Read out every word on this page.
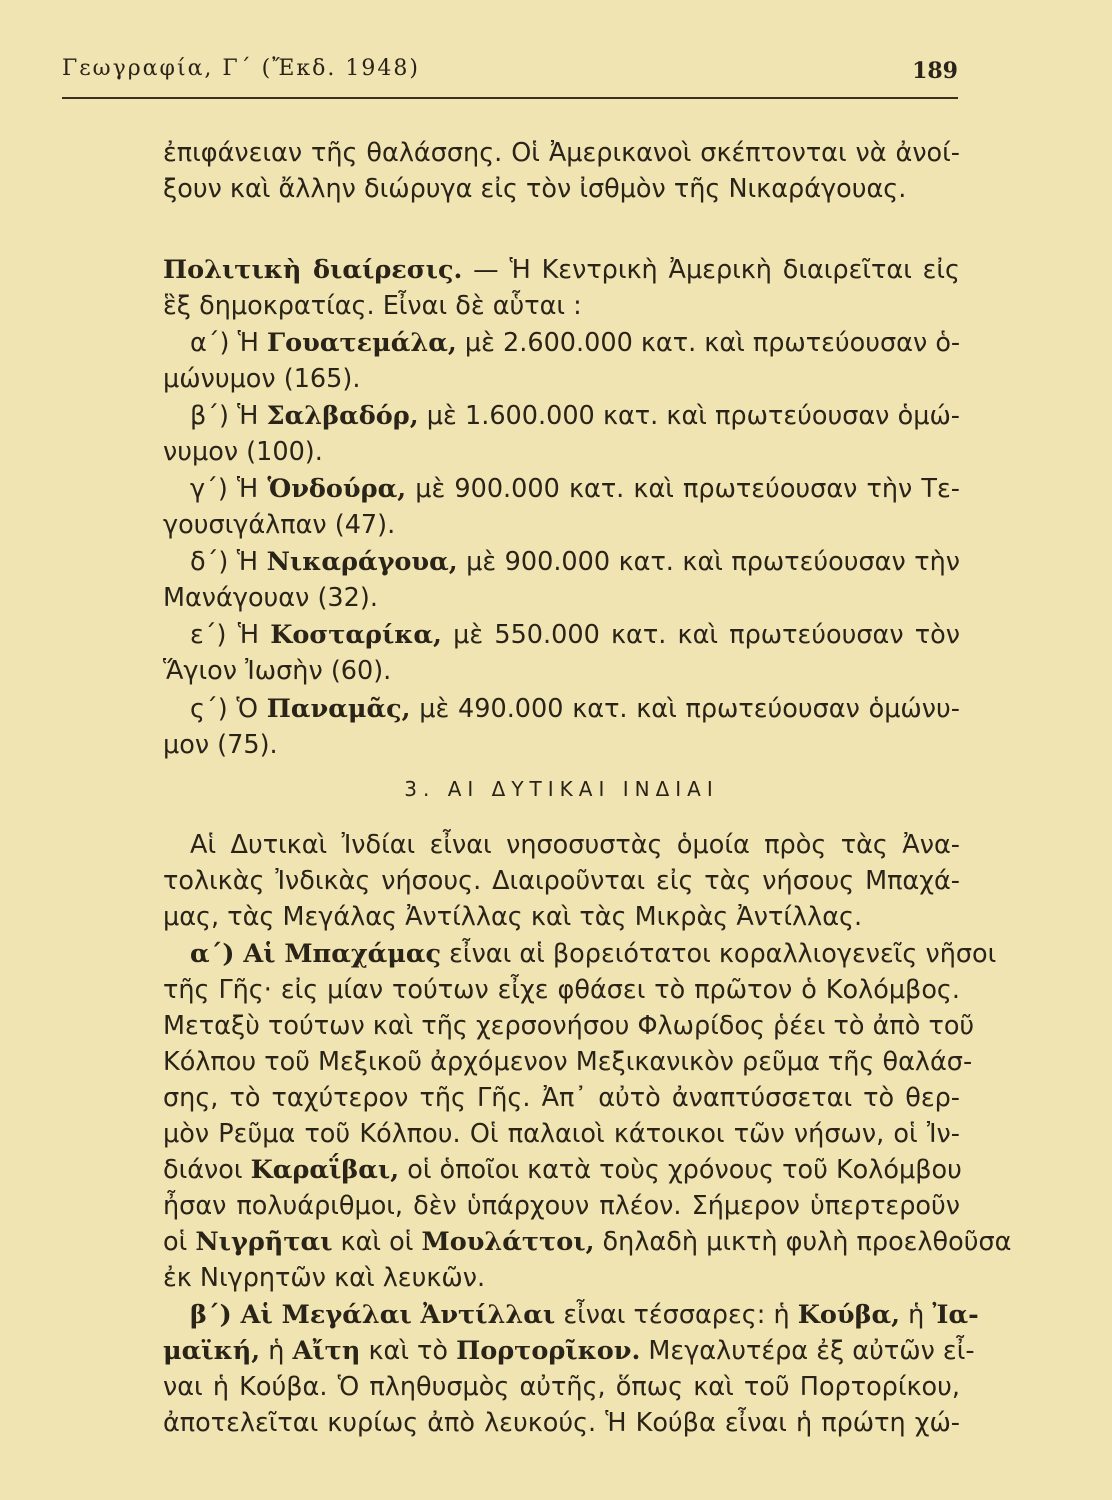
Γεωγραφία, Γ΄ (Ἔκδ. 1948)	189
ἐπιφάνειαν τῆς θαλάσσης. Οἱ Ἀμερικανοὶ σκέπτονται νὰ ἀνοί-
ξουν καὶ ἄλλην διώρυγα εἰς τὸν ἰσθμὸν τῆς Νικαράγουας.
Πολιτικὴ διαίρεσις. — Ἡ Κεντρικὴ Ἀμερικὴ διαιρεῖται εἰς
ἓξ δημοκρατίας. Εἶναι δὲ αὗται :
α΄) Ἡ Γουατεμάλα, μὲ 2.600.000 κατ. καὶ πρωτεύουσαν ὁ-
μώνυμον (165).
β΄) Ἡ Σαλβαδόρ, μὲ 1.600.000 κατ. καὶ πρωτεύουσαν ὁμώ-
νυμον (100).
γ΄) Ἡ Ὁνδούρα, μὲ 900.000 κατ. καὶ πρωτεύουσαν τὴν Τε-
γουσιγάλπαν (47).
δ΄) Ἡ Νικαράγουα, μὲ 900.000 κατ. καὶ πρωτεύουσαν τὴν
Μανάγουαν (32).
ε΄) Ἡ Κοσταρίκα, μὲ 550.000 κατ. καὶ πρωτεύουσαν τὸν
Ἅγιον Ἰωσὴν (60).
ς΄) Ὁ Παναμᾶς, μὲ 490.000 κατ. καὶ πρωτεύουσαν ὁμώνυ-
μον (75).
3. ΑΙ ΔΥΤΙΚΑΙ ΙΝΔΙΑΙ
Αἱ Δυτικαὶ Ἰνδίαι εἶναι νησοσυστὰς ὁμοία πρὸς τὰς Ἀνα-
τολικὰς Ἰνδικὰς νήσους. Διαιροῦνται εἰς τὰς νήσους Μπαχά-
μας, τὰς Μεγάλας Ἀντίλλας καὶ τὰς Μικρὰς Ἀντίλλας.
α΄) Αἱ Μπαχάμας εἶναι αἱ βορειότατοι κοραλλιογενεῖς νῆσοι
τῆς Γῆς· εἰς μίαν τούτων εἶχε φθάσει τὸ πρῶτον ὁ Κολόμβος.
Μεταξὺ τούτων καὶ τῆς χερσονήσου Φλωρίδος ῥέει τὸ ἀπὸ τοῦ
Κόλπου τοῦ Μεξικοῦ ἀρχόμενον Μεξικανικὸν ρεῦμα τῆς θαλάσ-
σης, τὸ ταχύτερον τῆς Γῆς. Ἀπ᾽ αὐτὸ ἀναπτύσσεται τὸ θερ-
μὸν Ρεῦμα τοῦ Κόλπου. Οἱ παλαιοὶ κάτοικοι τῶν νήσων, οἱ Ἰν-
διάνοι Καραΐβαι, οἱ ὁποῖοι κατὰ τοὺς χρόνους τοῦ Κολόμβου
ἦσαν πολυάριθμοι, δὲν ὑπάρχουν πλέον. Σήμερον ὑπερτεροῦν
οἱ Νιγρῆται καὶ οἱ Μουλάττοι, δηλαδὴ μικτὴ φυλὴ προελθοῦσα
ἐκ Νιγρητῶν καὶ λευκῶν.
β΄) Αἱ Μεγάλαι Ἀντίλλαι εἶναι τέσσαρες: ἡ Κούβα, ἡ Ἰα-
μαϊκή, ἡ Αἴτη καὶ τὸ Πορτορῖκον. Μεγαλυτέρα ἐξ αὐτῶν εἶ-
ναι ἡ Κούβα. Ὁ πληθυσμὸς αὐτῆς, ὅπως καὶ τοῦ Πορτορίκου,
ἀποτελεῖται κυρίως ἀπὸ λευκούς. Ἡ Κούβα εἶναι ἡ πρώτη χώ-
